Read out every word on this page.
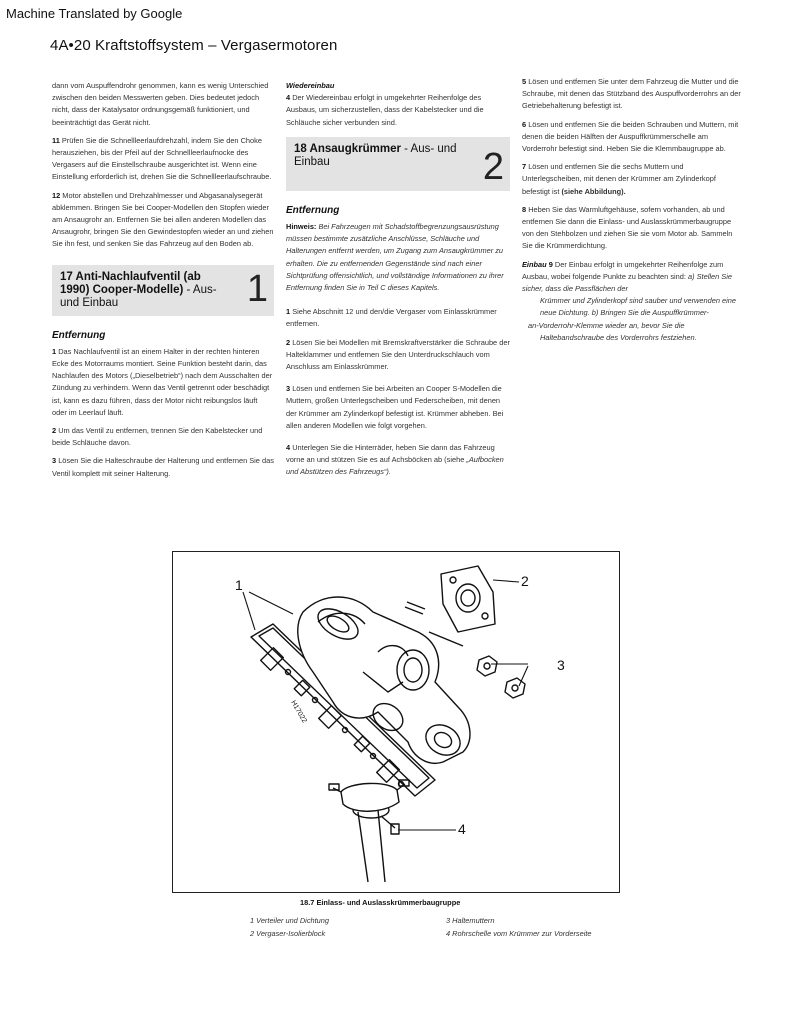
Machine Translated by Google
4A•20 Kraftstoffsystem – Vergasermotoren

dann vom Auspuffendrohr genommen, kann es wenig Unterschied zwischen den beiden Messwerten geben. Dies bedeutet jedoch nicht, dass der Katalysator ordnungsgemäß funktioniert, und beeinträchtigt das Gerät nicht.

11 Prüfen Sie die Schnellleerlaufdrehzahl, indem Sie den Choke herausziehen, bis der Pfeil auf der Schnellleerlaufnocke des Vergasers auf die Einstellschraube ausgerichtet ist. Wenn eine Einstellung erforderlich ist, drehen Sie die Schnellleerlaufschraube.

12 Motor abstellen und Drehzahlmesser und Abgasanalysegerät abklemmen. Bringen Sie bei Cooper-Modellen den Stopfen wieder am Ansaugrohr an. Entfernen Sie bei allen anderen Modellen das Ansaugrohr, bringen Sie den Gewindestopfen wieder an und ziehen Sie ihn fest, und senken Sie das Fahrzeug auf den Boden ab.

17 Anti-Nachlaufventil (ab 1990) Cooper-Modelle) - Aus- und Einbau	1
Entfernung

1 Das Nachlaufventil ist an einem Halter in der rechten hinteren Ecke des Motorraums montiert. Seine Funktion besteht darin, das Nachlaufen des Motors („Dieselbetrieb“) nach dem Ausschalten der Zündung zu verhindern. Wenn das Ventil getrennt oder beschädigt ist, kann es dazu führen, dass der Motor nicht reibungslos läuft oder im Leerlauf läuft.

2 Um das Ventil zu entfernen, trennen Sie den Kabelstecker und beide Schläuche davon.

3 Lösen Sie die Halteschraube der Halterung und entfernen Sie das Ventil komplett mit seiner Halterung.

Wiedereinbau

4 Der Wiedereinbau erfolgt in umgekehrter Reihenfolge des Ausbaus, um sicherzustellen, dass der Kabelstecker und die Schläuche sicher verbunden sind.

18 Ansaugkrümmer - Aus- und Einbau	2
Entfernung

Hinweis: Bei Fahrzeugen mit Schadstoffbegrenzungsausrüstung müssen bestimmte zusätzliche Anschlüsse, Schläuche und Halterungen entfernt werden, um Zugang zum Ansaugkrümmer zu erhalten. Die zu entfernenden Gegenstände sind nach einer Sichtprüfung offensichtlich, und vollständige Informationen zu ihrer Entfernung finden Sie in Teil C dieses Kapitels.

1 Siehe Abschnitt 12 und den/die Vergaser vom Einlasskrümmer entfernen.

2 Lösen Sie bei Modellen mit Bremskraftverstärker die Schraube der Halteklammer und entfernen Sie den Unterdruckschlauch vom Anschluss am Einlasskrümmer.

3 Lösen und entfernen Sie bei Arbeiten an Cooper S-Modellen die Muttern, großen Unterlegscheiben und Federscheiben, mit denen der Krümmer am Zylinderkopf befestigt ist. Krümmer abheben. Bei allen anderen Modellen wie folgt vorgehen.

4 Unterlegen Sie die Hinterräder, heben Sie dann das Fahrzeug vorne an und stützen Sie es auf Achsböcken ab (siehe „Aufbocken und Abstützen des Fahrzeugs“).

5 Lösen und entfernen Sie unter dem Fahrzeug die Mutter und die Schraube, mit denen das Stützband des Auspuffvorderrohrs an der Getriebehalterung befestigt ist.

6 Lösen und entfernen Sie die beiden Schrauben und Muttern, mit denen die beiden Hälften der Auspuffkrümmerschelle am Vorderrohr befestigt sind. Heben Sie die Klemmbaugruppe ab.

7 Lösen und entfernen Sie die sechs Muttern und Unterlegscheiben, mit denen der Krümmer am Zylinderkopf befestigt ist (siehe Abbildung).

8 Heben Sie das Warmluftgehäuse, sofern vorhanden, ab und entfernen Sie dann die Einlass- und Auslasskrümmerbaugruppe von den Stehbolzen und ziehen Sie sie vom Motor ab. Sammeln Sie die Krümmerdichtung.

Einbau 9 Der Einbau erfolgt in umgekehrter Reihenfolge zum Ausbau, wobei folgende Punkte zu beachten sind: a) Stellen Sie sicher, dass die Passflächen der

Krümmer und Zylinderkopf sind sauber und verwenden eine neue Dichtung. b) Bringen Sie die Auspuffkrümmer-

an-Vorderrohr-Klemme wieder an, bevor Sie die

Haltebandschraube des Vorderrohrs festziehen.

1	2
3
4
H17022
18.7 Einlass- und Auslasskrümmerbaugruppe
1 Verteiler und Dichtung
2 Vergaser-Isolierblock
3 Haltemuttern
4 Rohrschelle vom Krümmer zur Vorderseite
